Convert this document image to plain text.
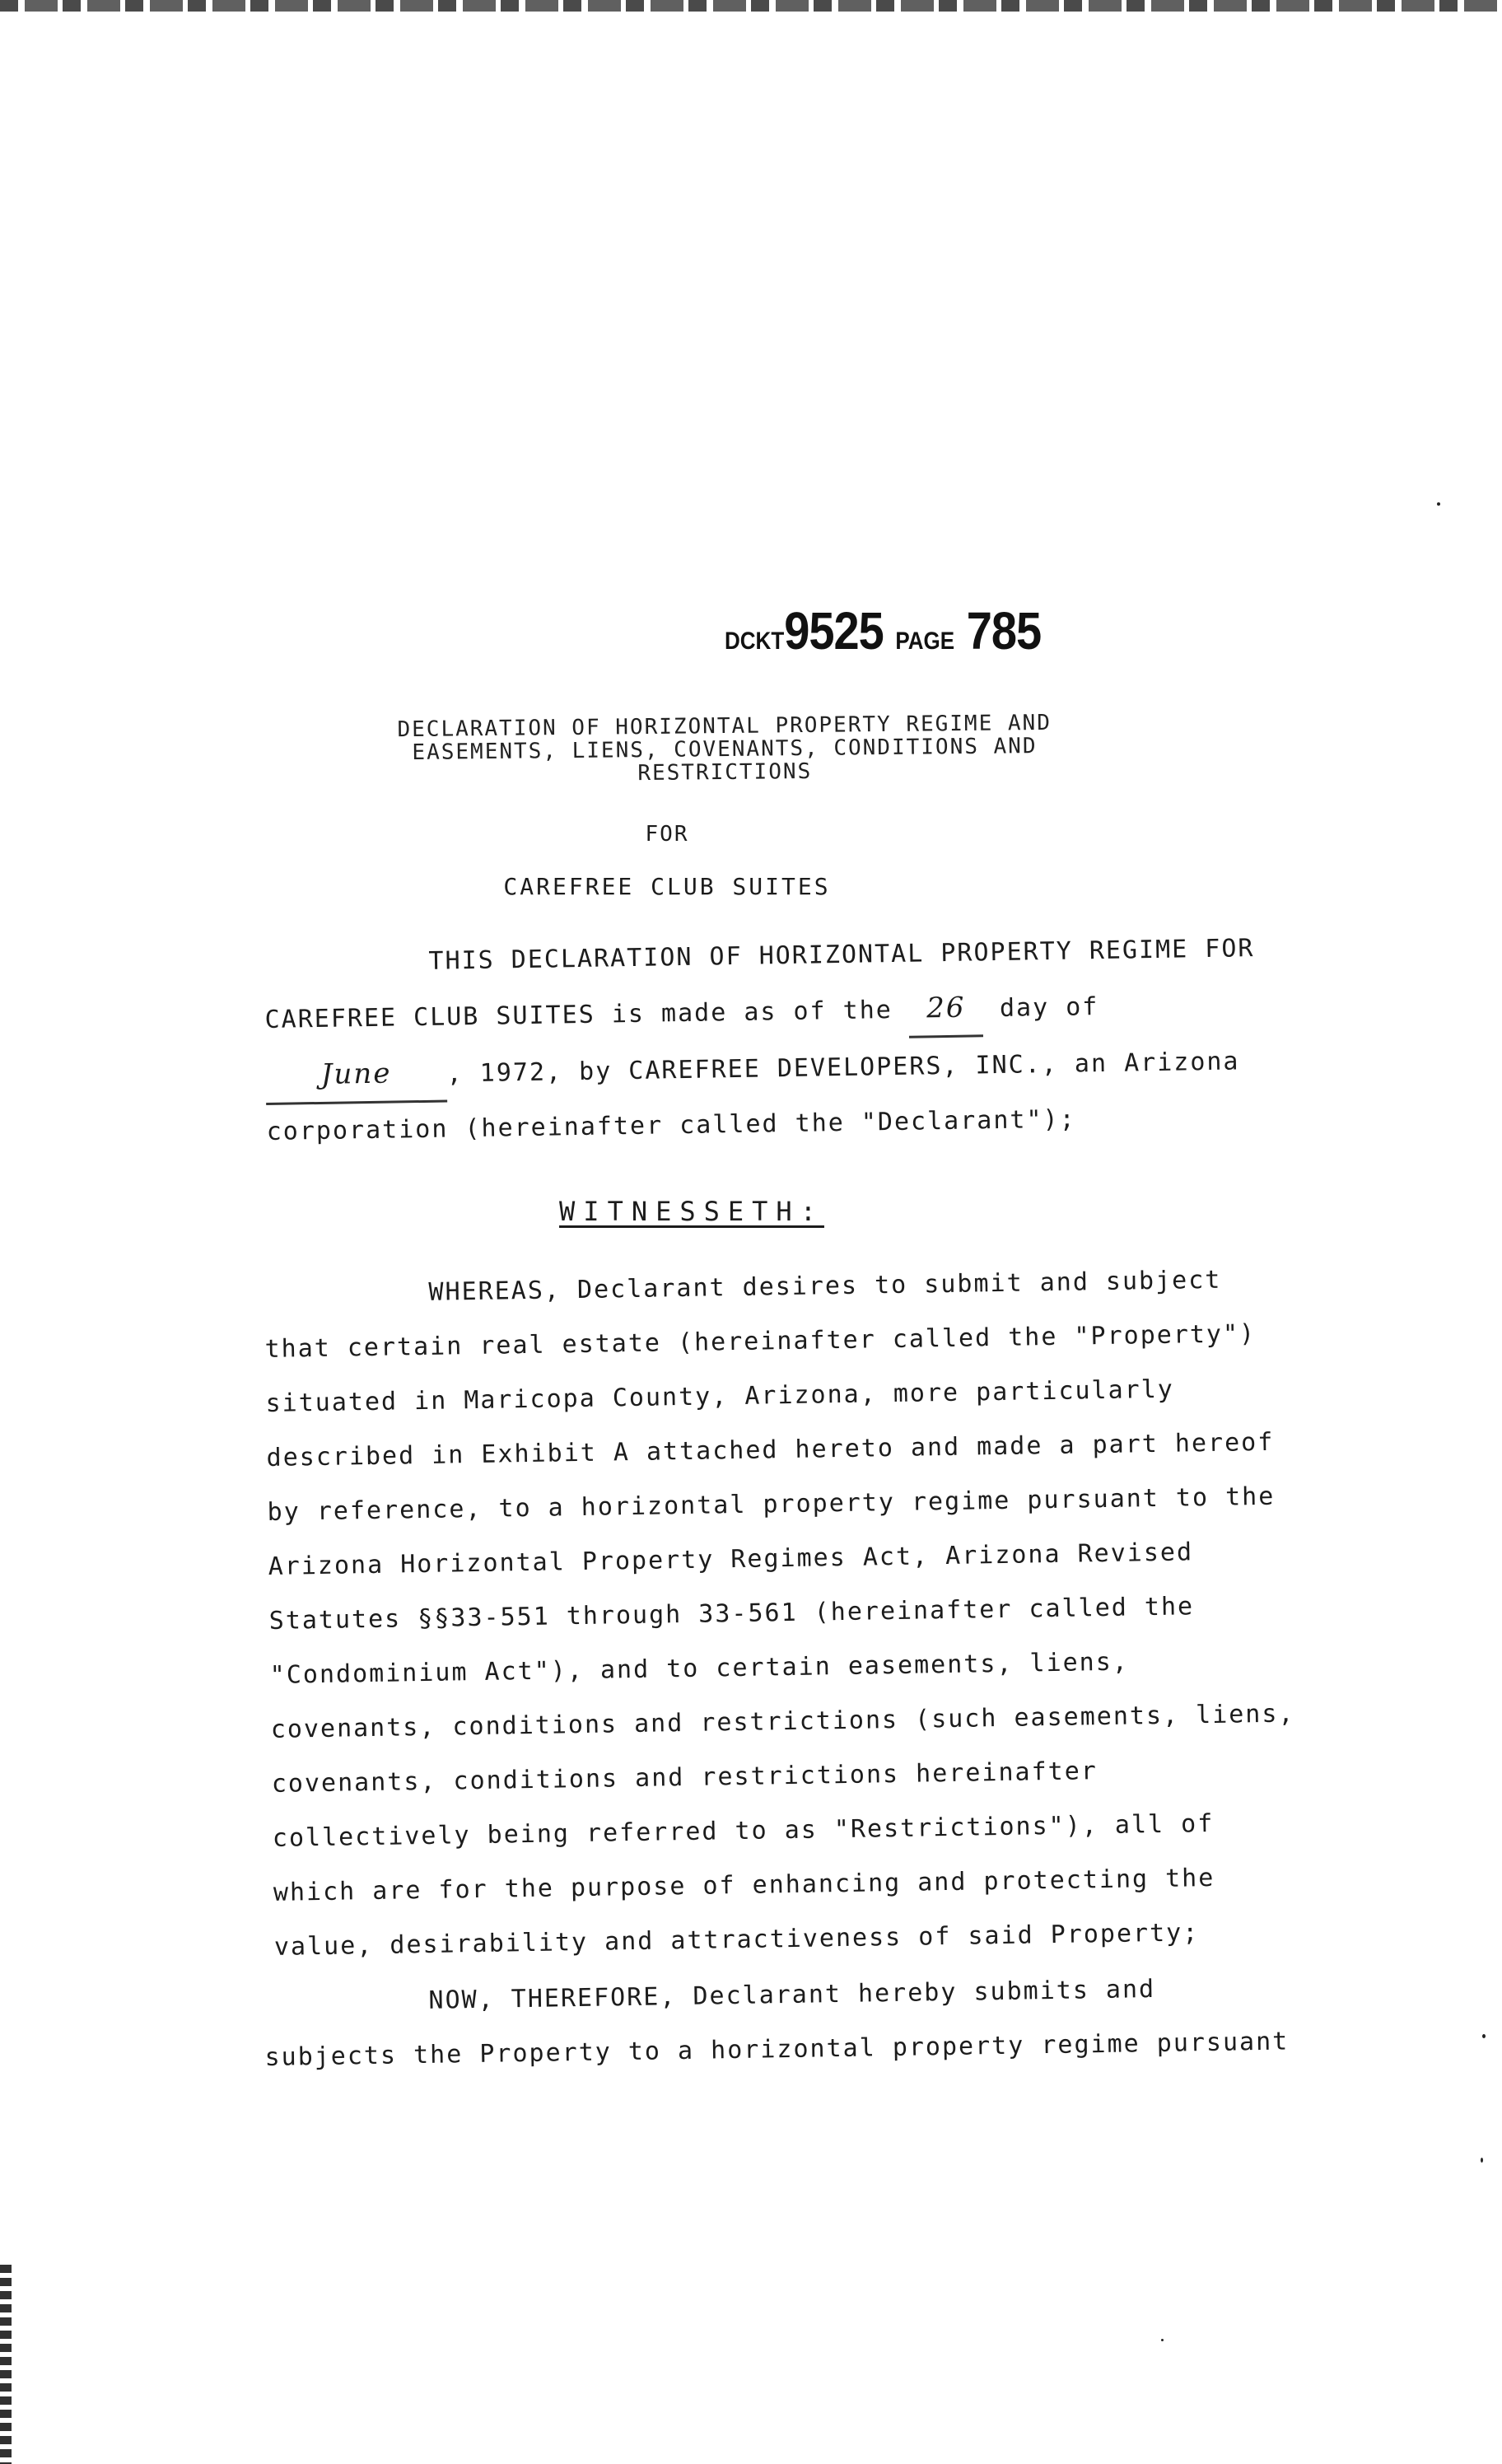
DCKT9525 PAGE 785
DECLARATION OF HORIZONTAL PROPERTY REGIME AND
EASEMENTS, LIENS, COVENANTS, CONDITIONS AND
RESTRICTIONS
FOR
CAREFREE CLUB SUITES
THIS DECLARATION OF HORIZONTAL PROPERTY REGIME FOR CAREFREE CLUB SUITES is made as of the 26 day of June , 1972, by CAREFREE DEVELOPERS, INC., an Arizona corporation (hereinafter called the "Declarant");
WITNESSETH:
WHEREAS, Declarant desires to submit and subject that certain real estate (hereinafter called the "Property") situated in Maricopa County, Arizona, more particularly described in Exhibit A attached hereto and made a part hereof by reference, to a horizontal property regime pursuant to the Arizona Horizontal Property Regimes Act, Arizona Revised Statutes §§33-551 through 33-561 (hereinafter called the "Condominium Act"), and to certain easements, liens, covenants, conditions and restrictions (such easements, liens, covenants, conditions and restrictions hereinafter collectively being referred to as "Restrictions"), all of which are for the purpose of enhancing and protecting the value, desirability and attractiveness of said Property;
NOW, THEREFORE, Declarant hereby submits and subjects the Property to a horizontal property regime pursuant
